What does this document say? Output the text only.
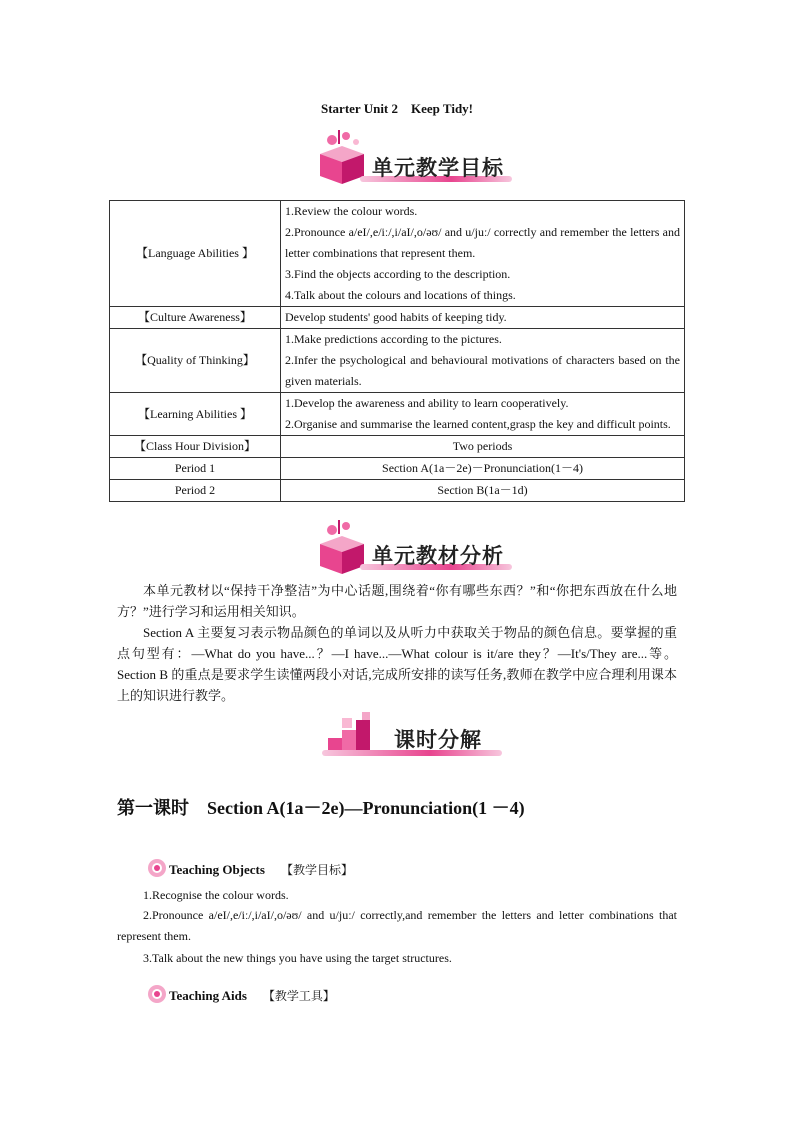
Starter Unit 2　Keep Tidy!
单元教学目标
【Language Abilities 】	1.Review the colour words.
2.Pronounce a/eI/,e/iː/,i/aI/,o/əʊ/ and u/juː/ correctly and remember the letters and letter combinations that represent them.
3.Find the objects according to the description.
4.Talk about the colours and locations of things.

【Culture Awareness】	Develop students' good habits of keeping tidy.
【Quality of Thinking】	1.Make predictions according to the pictures.
2.Infer the psychological and behavioural motivations of characters based on the given materials.

【Learning Abilities 】	1.Develop the awareness and ability to learn cooperatively.
2.Organise and summarise the learned content,grasp the key and difficult points.

【Class Hour Division】	Two periods
Period 1	Section A(1a－2e)－Pronunciation(1－4)
Period 2	Section B(1a－1d)
单元教材分析
本单元教材以“保持干净整洁”为中心话题,围绕着“你有哪些东西？”和“你把东西放在什么地方？”进行学习和运用相关知识。
Section A 主要复习表示物品颜色的单词以及从听力中获取关于物品的颜色信息。要掌握的重点句型有：—What do you have...？—I have...—What colour is it/are they？—It's/They are...等。Section B 的重点是要求学生读懂两段小对话,完成所安排的读写任务,教师在教学中应合理利用课本上的知识进行教学。
课时分解
第一课时　Section A(1a－2e)—Pronunciation(1 －4)
Teaching Objects 【教学目标】
1.Recognise the colour words.
2.Pronounce a/eI/,e/iː/,i/aI/,o/əʊ/ and u/juː/ correctly,and remember the letters and letter combinations that represent them.
3.Talk about the new things you have using the target structures.
Teaching Aids 【教学工具】
